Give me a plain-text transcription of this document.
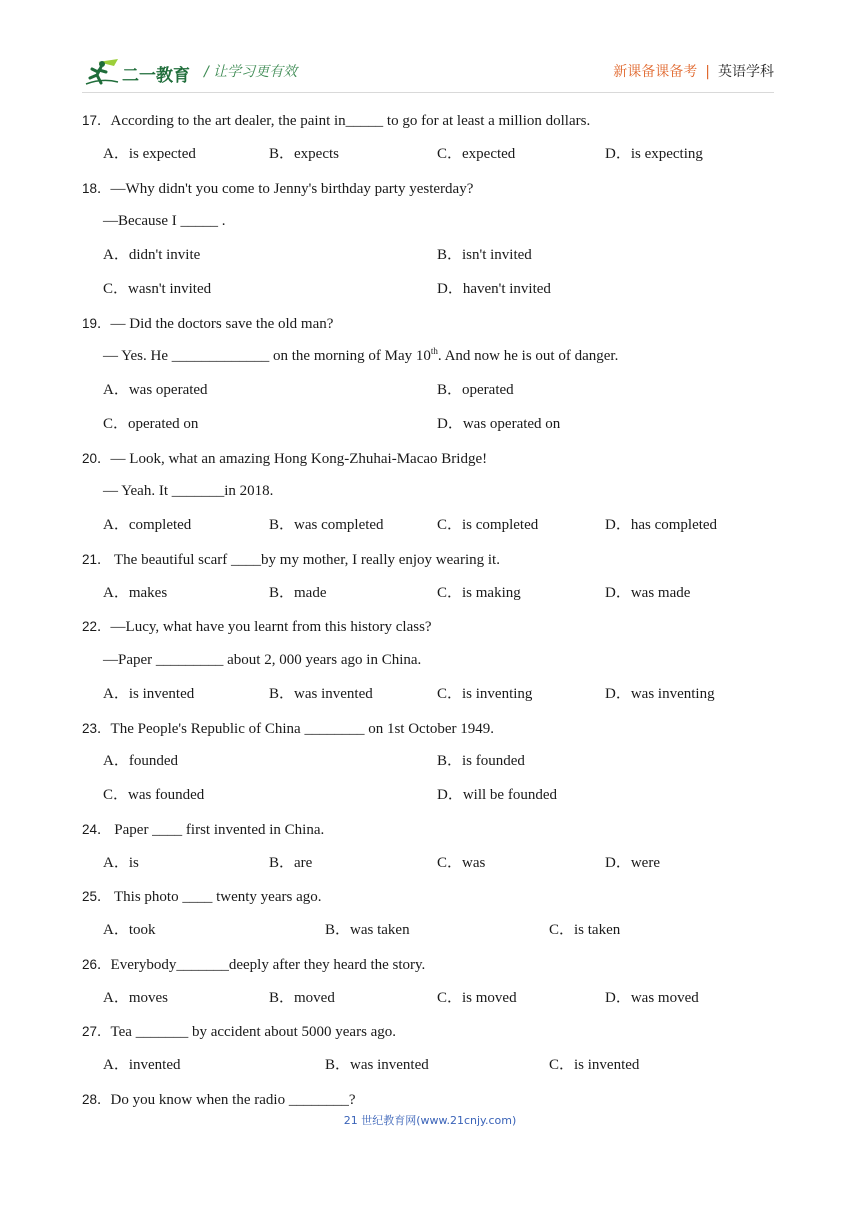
二一教育 / 让学习更有效	新课备课备考 | 英语学科
17．According to the art dealer, the paint in_____ to go for at least a million dollars.
A．is expected	B．expects	C．expected	D．is expecting
18．—Why didn't you come to Jenny's birthday party yesterday?
—Because I _____ .
A．didn't invite	B．isn't invited
C．wasn't invited	D．haven't invited
19．— Did the doctors save the old man?
— Yes. He _____________ on the morning of May 10th. And now he is out of danger.
A．was operated	B．operated
C．operated on	D．was operated on
20．— Look, what an amazing Hong Kong-Zhuhai-Macao Bridge!
— Yeah. It _______in 2018.
A．completed	B．was completed	C．is completed	D．has completed
21． The beautiful scarf ____by my mother, I really enjoy wearing it.
A．makes	B．made	C．is making	D．was made
22．—Lucy, what have you learnt from this history class?
—Paper _________ about 2, 000 years ago in China.
A．is invented	B．was invented	C．is inventing	D．was inventing
23．The People's Republic of China ________ on 1st October 1949.
A．founded	B．is founded
C．was founded	D．will be founded
24． Paper ____ first invented in China.
A．is	B．are	C．was	D．were
25． This photo ____ twenty years ago.
A．took	B．was taken	C．is taken
26．Everybody_______deeply after they heard the story.
A．moves	B．moved	C．is moved	D．was moved
27．Tea _______ by accident about 5000 years ago.
A．invented	B．was invented	C．is invented
28．Do you know when the radio ________?
21 世纪教育网(www.21cnjy.com)
